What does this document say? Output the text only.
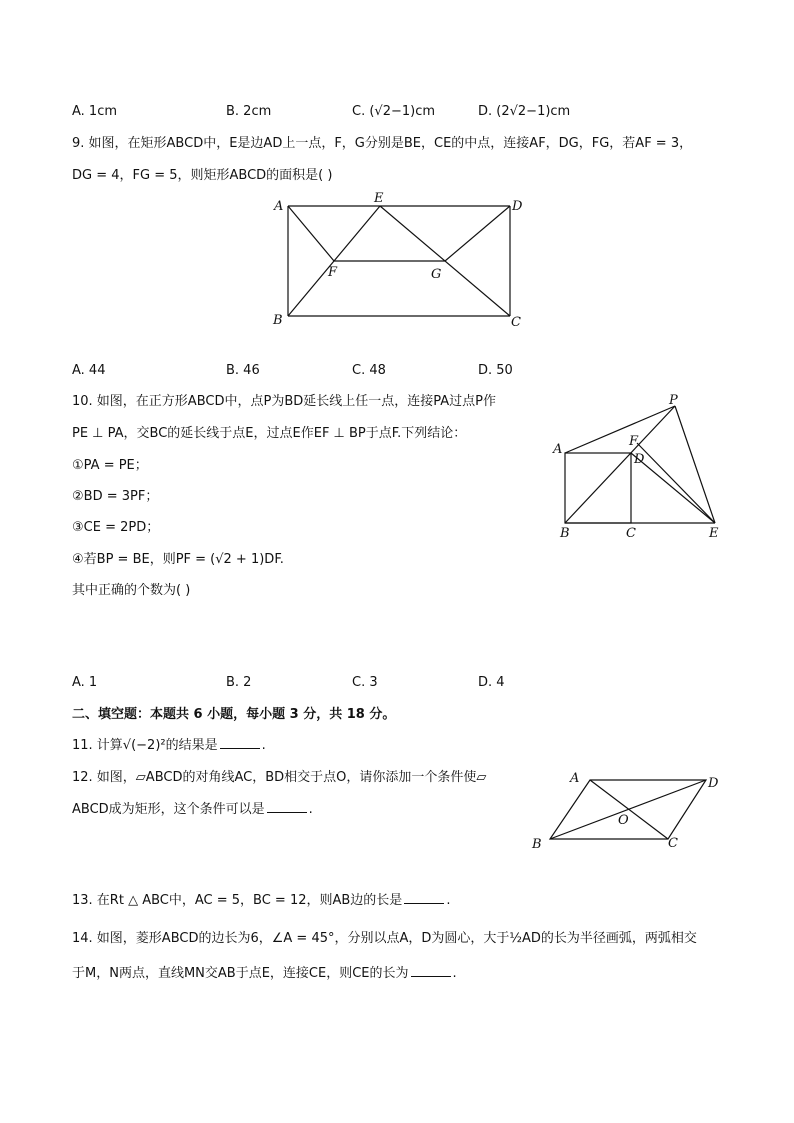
A. 1cm	B. 2cm	C. (√2−1)cm	D. (2√2−1)cm
9. 如图，在矩形ABCD中，E是边AD上一点，F，G分别是BE，CE的中点，连接AF，DG，FG，若AF = 3，
DG = 4，FG = 5，则矩形ABCD的面积是( )
A
E
D
F	G
B	C
A. 44	B. 46	C. 48	D. 50
10. 如图，在正方形ABCD中，点P为BD延长线上任一点，连接PA过点P作
PE ⊥ PA，交BC的延长线于点E，过点E作EF ⊥ BP于点F.下列结论：
①PA = PE；
②BD = 3PF；
③CE = 2PD；
④若BP = BE，则PF = (√2 + 1)DF.
其中正确的个数为( )
P
A
F
D
B	C	E
A. 1	B. 2	C. 3	D. 4
二、填空题：本题共 6 小题，每小题 3 分，共 18 分。
11. 计算√(−2)²的结果是	.
12. 如图，▱ABCD的对角线AC，BD相交于点O，请你添加一个条件使▱
ABCD成为矩形，这个条件可以是	.
A	D
O
B	C
13. 在Rt △ ABC中，AC = 5，BC = 12，则AB边的长是	.
14. 如图，菱形ABCD的边长为6，∠A = 45°，分别以点A，D为圆心，大于½AD的长为半径画弧，两弧相交
于M，N两点，直线MN交AB于点E，连接CE，则CE的长为	.
